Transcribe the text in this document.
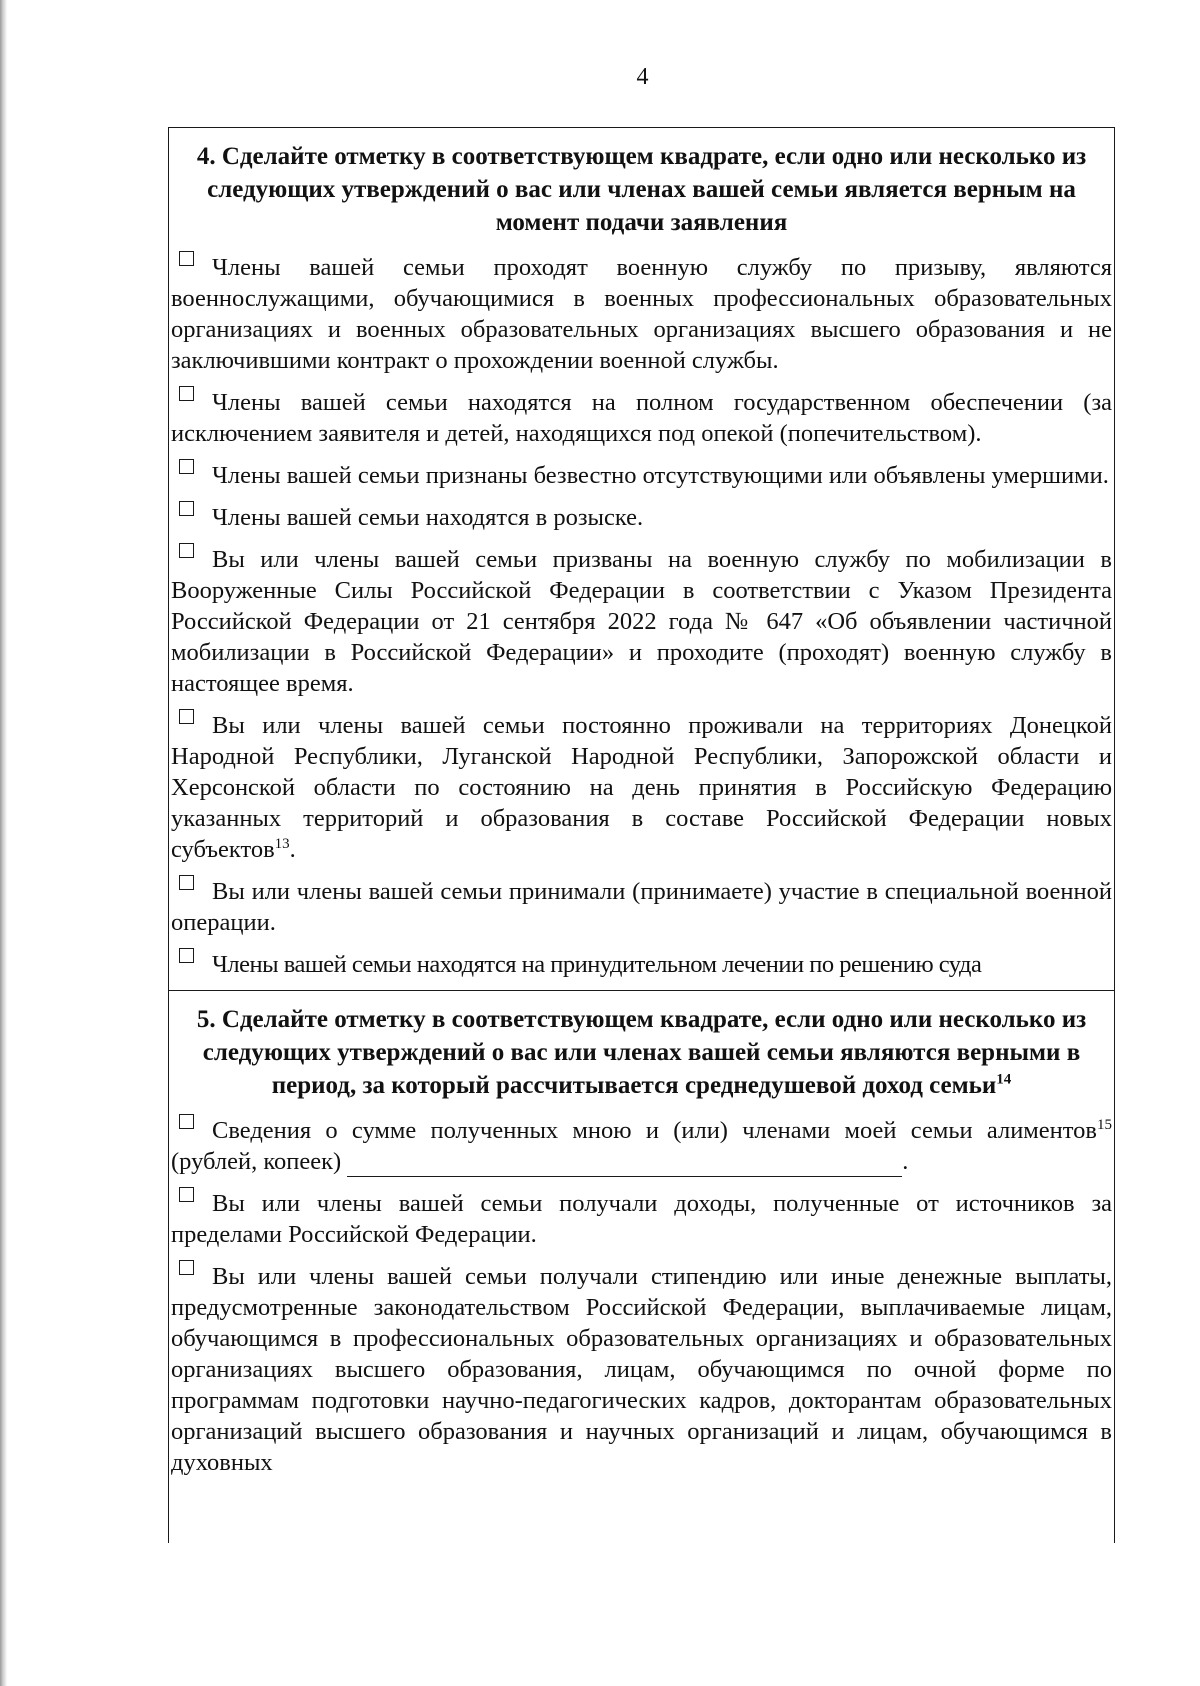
4
4. Сделайте отметку в соответствующем квадрате, если одно или несколько из следующих утверждений о вас или членах вашей семьи является верным на момент подачи заявления
Члены вашей семьи проходят военную службу по призыву, являются военнослужащими, обучающимися в военных профессиональных образовательных организациях и военных образовательных организациях высшего образования и не заключившими контракт о прохождении военной службы.
Члены вашей семьи находятся на полном государственном обеспечении (за исключением заявителя и детей, находящихся под опекой (попечительством).
Члены вашей семьи признаны безвестно отсутствующими или объявлены умершими.
Члены вашей семьи находятся в розыске.
Вы или члены вашей семьи призваны на военную службу по мобилизации в Вооруженные Силы Российской Федерации в соответствии с Указом Президента Российской Федерации от 21 сентября 2022 года № 647 «Об объявлении частичной мобилизации в Российской Федерации» и проходите (проходят) военную службу в настоящее время.
Вы или члены вашей семьи постоянно проживали на территориях Донецкой Народной Республики, Луганской Народной Республики, Запорожской области и Херсонской области по состоянию на день принятия в Российскую Федерацию указанных территорий и образования в составе Российской Федерации новых субъектов$^{13}$.
Вы или члены вашей семьи принимали (принимаете) участие в специальной военной операции.
Члены вашей семьи находятся на принудительном лечении по решению суда
5. Сделайте отметку в соответствующем квадрате, если одно или несколько из следующих утверждений о вас или членах вашей семьи являются верными в период, за который рассчитывается среднедушевой доход семьи$^{14}$
Сведения о сумме полученных мною и (или) членами моей семьи алиментов$^{15}$ (рублей, копеек)	.
Вы или члены вашей семьи получали доходы, полученные от источников за пределами Российской Федерации.
Вы или члены вашей семьи получали стипендию или иные денежные выплаты, предусмотренные законодательством Российской Федерации, выплачиваемые лицам, обучающимся в профессиональных образовательных организациях и образовательных организациях высшего образования, лицам, обучающимся по очной форме по программам подготовки научно-педагогических кадров, докторантам образовательных организаций высшего образования и научных организаций и лицам, обучающимся в духовных
